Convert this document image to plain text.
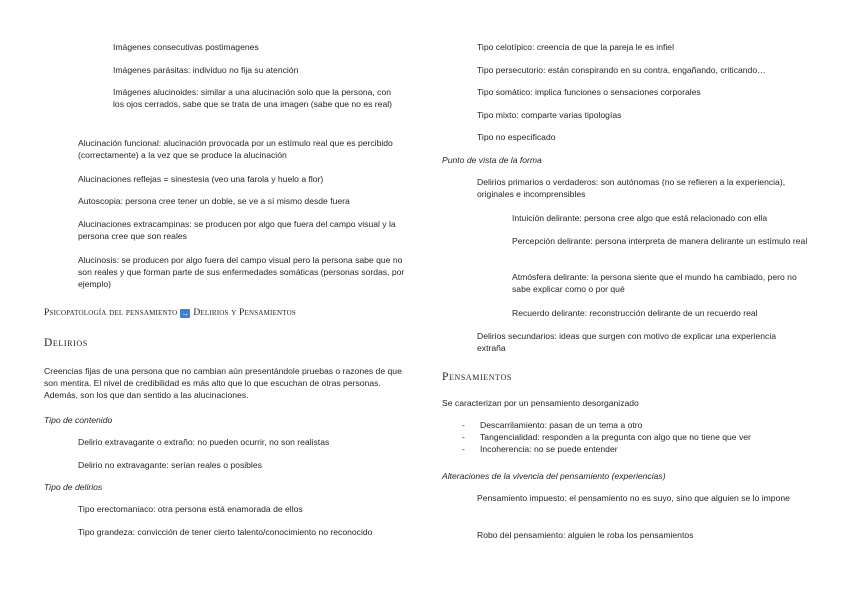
Imágenes consecutivas postimagenes

Imágenes parásitas: individuo no fija su atención

Imágenes alucinoides: similar a una alucinación solo que la persona, con los ojos cerrados, sabe que se trata de una imagen (sabe que no es real)

Alucinación funcional: alucinación provocada por un estímulo real que es percibido (correctamente) a la vez que se produce la alucinación

Alucinaciones reflejas = sinestesia (veo una farola y huelo a flor)

Autoscopia: persona cree tener un doble, se ve a sí mismo desde fuera

Alucinaciones extracampinas: se producen por algo que fuera del campo visual y la persona cree que son reales

Alucinosis: se producen por algo fuera del campo visual pero la persona sabe que no son reales y que forman parte de sus enfermedades somáticas (personas sordas, por ejemplo)

Psicopatología del pensamiento → Delirios y Pensamientos
Delirios

Creencias fijas de una persona que no cambian aún presentándole pruebas o razones de que son mentira. El nivel de credibilidad es más alto que lo que escuchan de otras personas. Además, son los que dan sentido a las alucinaciones.

Tipo de contenido

Delirio extravagante o extraño: no pueden ocurrir, no son realistas

Delirio no extravagante: serían reales o posibles

Tipo de delirios

Tipo erectomaniaco: otra persona está enamorada de ellos

Tipo grandeza: convicción de tener cierto talento/conocimiento no reconocido

Tipo celotípico: creencia de que la pareja le es infiel

Tipo persecutorio: están conspirando en su contra, engañando, criticando…

Tipo somático: implica funciones o sensaciones corporales

Tipo mixto: comparte varias tipologías

Tipo no especificado

Punto de vista de la forma

Delirios primarios o verdaderos: son autónomas (no se refieren a la experiencia), originales e incomprensibles

Intuición delirante: persona cree algo que está relacionado con ella

Percepción delirante: persona interpreta de manera delirante un estímulo real

Atmósfera delirante: la persona siente que el mundo ha cambiado, pero no sabe explicar como o por qué

Recuerdo delirante: reconstrucción delirante de un recuerdo real

Delirios secundarios: ideas que surgen con motivo de explicar una experiencia extraña

Pensamientos

Se caracterizan por un pensamiento desorganizado

- Descarrilamiento: pasan de un tema a otro
- Tangencialidad: responden a la pregunta con algo que no tiene que ver
- Incoherencia: no se puede entender

Alteraciones de la vivencia del pensamiento (experiencias)

Pensamiento impuesto: el pensamiento no es suyo, sino que alguien se lo impone

Robo del pensamiento: alguien le roba los pensamientos
